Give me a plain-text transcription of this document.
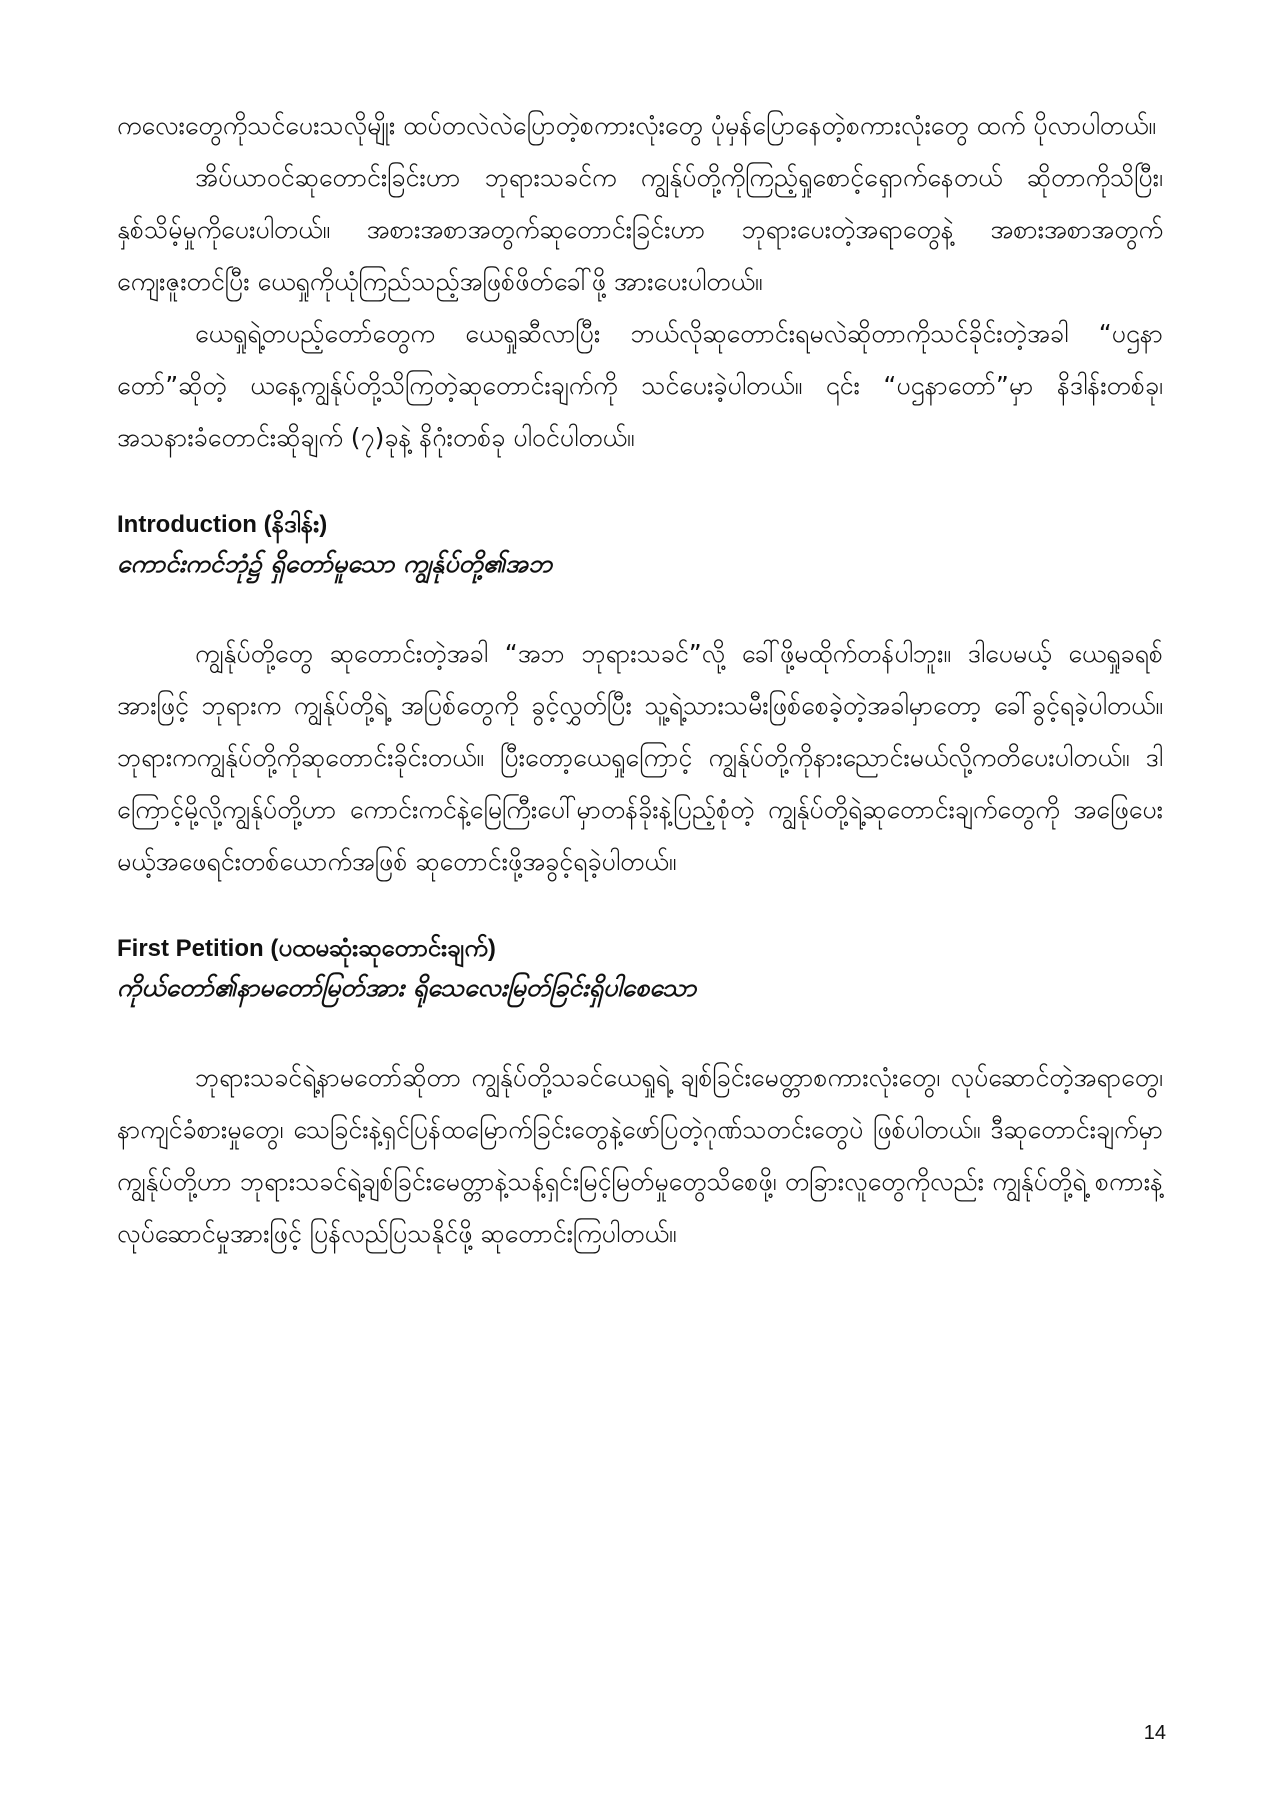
ကလေးတွေကိုသင်ပေးသလိုမျိုး ထပ်တလဲလဲပြောတဲ့စကားလုံးတွေ ပုံမှန်ပြောနေတဲ့စကားလုံးတွေ ထက် ပိုလာပါတယ်။

အိပ်ယာဝင်ဆုတောင်းခြင်းဟာ ဘုရားသခင်က ကျွန်ုပ်တို့ကိုကြည့်ရှုစောင့်ရှောက်နေတယ် ဆိုတာကိုသိပြီး၊ နှစ်သိမ့်မှုကိုပေးပါတယ်။ အစားအစာအတွက်ဆုတောင်းခြင်းဟာ ဘုရားပေးတဲ့အရာတွေနဲ့ အစားအစာအတွက် ကျေးဇူးတင်ပြီး ယေရှုကိုယုံကြည်သည့်အဖြစ်ဖိတ်ခေါ်ဖို့ အားပေးပါတယ်။

ယေရှုရဲ့တပည့်တော်တွေက ယေရှုဆီလာပြီး ဘယ်လိုဆုတောင်းရမလဲဆိုတာကိုသင်ခိုင်းတဲ့အခါ “ပဌနာတော်”ဆိုတဲ့ ယနေ့ကျွန်ုပ်တို့သိကြတဲ့ဆုတောင်းချက်ကို သင်ပေးခဲ့ပါတယ်။ ၎င်း “ပဌနာတော်”မှာ နိဒါန်းတစ်ခု၊ အသနားခံတောင်းဆိုချက် (၇)ခုနဲ့ နိဂုံးတစ်ခု ပါဝင်ပါတယ်။

Introduction (နိဒါန်း)
ကောင်းကင်ဘုံ၌ ရှိတော်မူသော ကျွန်ုပ်တို့၏အဘ

ကျွန်ုပ်တို့တွေ ဆုတောင်းတဲ့အခါ “အဘ ဘုရားသခင်”လို့ ခေါ်ဖို့မထိုက်တန်ပါဘူး။ ဒါပေမယ့် ယေရှုခရစ်အားဖြင့် ဘုရားက ကျွန်ုပ်တို့ရဲ့ အပြစ်တွေကို ခွင့်လွှတ်ပြီး သူ့ရဲ့သားသမီးဖြစ်စေခဲ့တဲ့အခါမှာတော့ ခေါ်ခွင့်ရခဲ့ပါတယ်။ ဘုရားကကျွန်ုပ်တို့ကိုဆုတောင်းခိုင်းတယ်။ ပြီးတော့ယေရှုကြောင့် ကျွန်ုပ်တို့ကိုနားညောင်းမယ်လို့ကတိပေးပါတယ်။ ဒါကြောင့်မို့လို့ကျွန်ုပ်တို့ဟာ ကောင်းကင်နဲ့မြေကြီးပေါ်မှာတန်ခိုးနဲ့ပြည့်စုံတဲ့ ကျွန်ုပ်တို့ရဲ့ဆုတောင်းချက်တွေကို အဖြေပေးမယ့်အဖေရင်းတစ်ယောက်အဖြစ် ဆုတောင်းဖို့အခွင့်ရခဲ့ပါတယ်။

First Petition (ပထမဆုံးဆုတောင်းချက်)
ကိုယ်တော်၏နာမတော်မြတ်အား ရိုသေလေးမြတ်ခြင်းရှိပါစေသော

ဘုရားသခင်ရဲ့နာမတော်ဆိုတာ ကျွန်ုပ်တို့သခင်ယေရှုရဲ့ ချစ်ခြင်းမေတ္တာစကားလုံးတွေ၊ လုပ်ဆောင်တဲ့အရာတွေ၊ နာကျင်ခံစားမှုတွေ၊ သေခြင်းနဲ့ရှင်ပြန်ထမြောက်ခြင်းတွေနဲ့ဖော်ပြတဲ့ဂုဏ်သတင်းတွေပဲ ဖြစ်ပါတယ်။ ဒီဆုတောင်းချက်မှာကျွန်ုပ်တို့ဟာ ဘုရားသခင်ရဲ့ချစ်ခြင်းမေတ္တာနဲ့သန့်ရှင်းမြင့်မြတ်မှုတွေသိစေဖို့၊ တခြားလူတွေကိုလည်း ကျွန်ုပ်တို့ရဲ့ စကားနဲ့လုပ်ဆောင်မှုအားဖြင့် ပြန်လည်ပြသနိုင်ဖို့ ဆုတောင်းကြပါတယ်။

14
